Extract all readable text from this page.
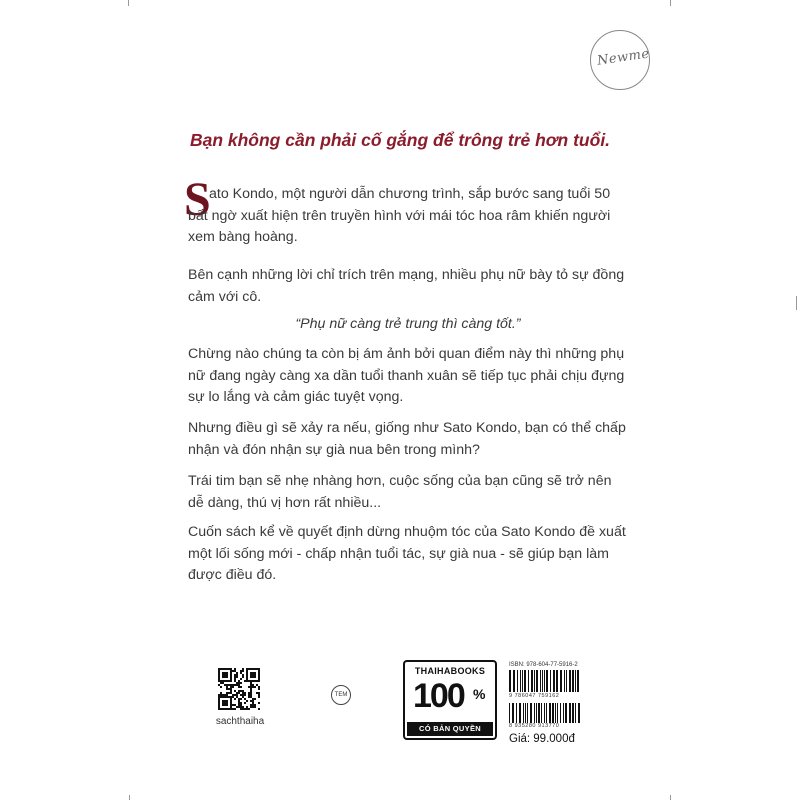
Newme
Bạn không cần phải cố gắng để trông trẻ hơn tuổi.
S
ato Kondo, một người dẫn chương trình, sắp bước sang tuổi 50
bất ngờ xuất hiện trên truyền hình với mái tóc hoa râm khiến người
xem bàng hoàng.
Bên cạnh những lời chỉ trích trên mạng, nhiều phụ nữ bày tỏ sự đồng cảm với cô.
“Phụ nữ càng trẻ trung thì càng tốt.”
Chừng nào chúng ta còn bị ám ảnh bởi quan điểm này thì những phụ nữ đang ngày càng xa dần tuổi thanh xuân sẽ tiếp tục phải chịu đựng sự lo lắng và cảm giác tuyệt vọng.
Nhưng điều gì sẽ xảy ra nếu, giống như Sato Kondo, bạn có thể chấp nhận và đón nhận sự già nua bên trong mình?
Trái tim bạn sẽ nhẹ nhàng hơn, cuộc sống của bạn cũng sẽ trở nên dễ dàng, thú vị hơn rất nhiều...
Cuốn sách kể về quyết định dừng nhuộm tóc của Sato Kondo đề xuất một lối sống mới - chấp nhận tuổi tác, sự già nua - sẽ giúp bạn làm được điều đó.
sachthaiha
TEM
THAIHABOOKS
100 %
CÓ BẢN QUYỀN
ISBN: 978-604-77-5916-2
9 786047 759162
8 935280 913770
Giá: 99.000đ
